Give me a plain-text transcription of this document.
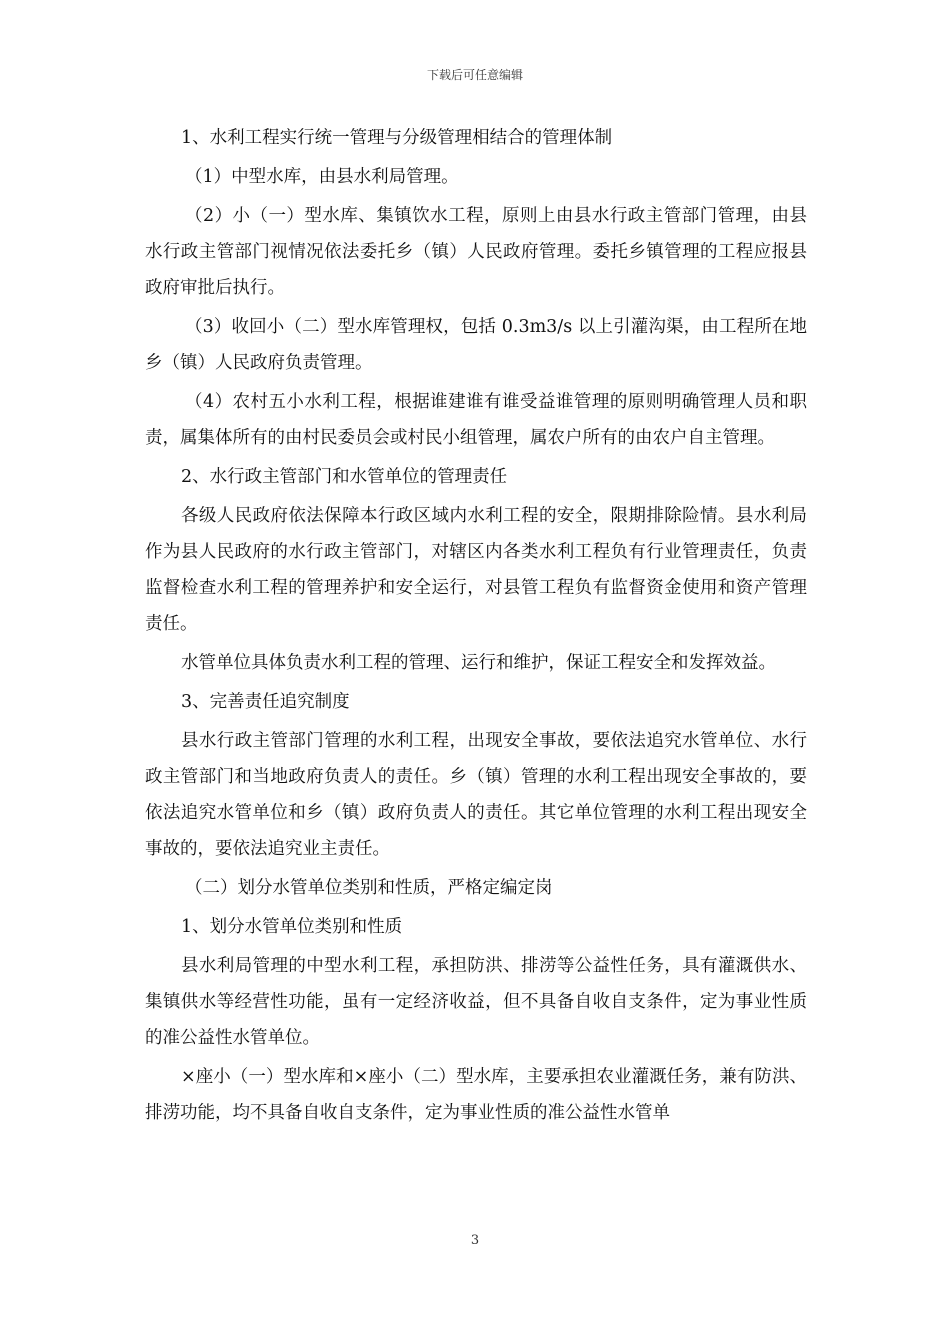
下载后可任意编辑

1、水利工程实行统一管理与分级管理相结合的管理体制

（1）中型水库，由县水利局管理。

（2）小（一）型水库、集镇饮水工程，原则上由县水行政主管部门管理，由县水行政主管部门视情况依法委托乡（镇）人民政府管理。委托乡镇管理的工程应报县政府审批后执行。

（3）收回小（二）型水库管理权，包括 0.3m3/s 以上引灌沟渠，由工程所在地乡（镇）人民政府负责管理。

（4）农村五小水利工程，根据谁建谁有谁受益谁管理的原则明确管理人员和职责，属集体所有的由村民委员会或村民小组管理，属农户所有的由农户自主管理。

2、水行政主管部门和水管单位的管理责任

各级人民政府依法保障本行政区域内水利工程的安全，限期排除险情。县水利局作为县人民政府的水行政主管部门，对辖区内各类水利工程负有行业管理责任，负责监督检查水利工程的管理养护和安全运行，对县管工程负有监督资金使用和资产管理责任。

水管单位具体负责水利工程的管理、运行和维护，保证工程安全和发挥效益。

3、完善责任追究制度

县水行政主管部门管理的水利工程，出现安全事故，要依法追究水管单位、水行政主管部门和当地政府负责人的责任。乡（镇）管理的水利工程出现安全事故的，要依法追究水管单位和乡（镇）政府负责人的责任。其它单位管理的水利工程出现安全事故的，要依法追究业主责任。

（二）划分水管单位类别和性质，严格定编定岗

1、划分水管单位类别和性质

县水利局管理的中型水利工程，承担防洪、排涝等公益性任务，具有灌溉供水、集镇供水等经营性功能，虽有一定经济收益，但不具备自收自支条件，定为事业性质的准公益性水管单位。

×座小（一）型水库和×座小（二）型水库，主要承担农业灌溉任务，兼有防洪、排涝功能，均不具备自收自支条件，定为事业性质的准公益性水管单

3
